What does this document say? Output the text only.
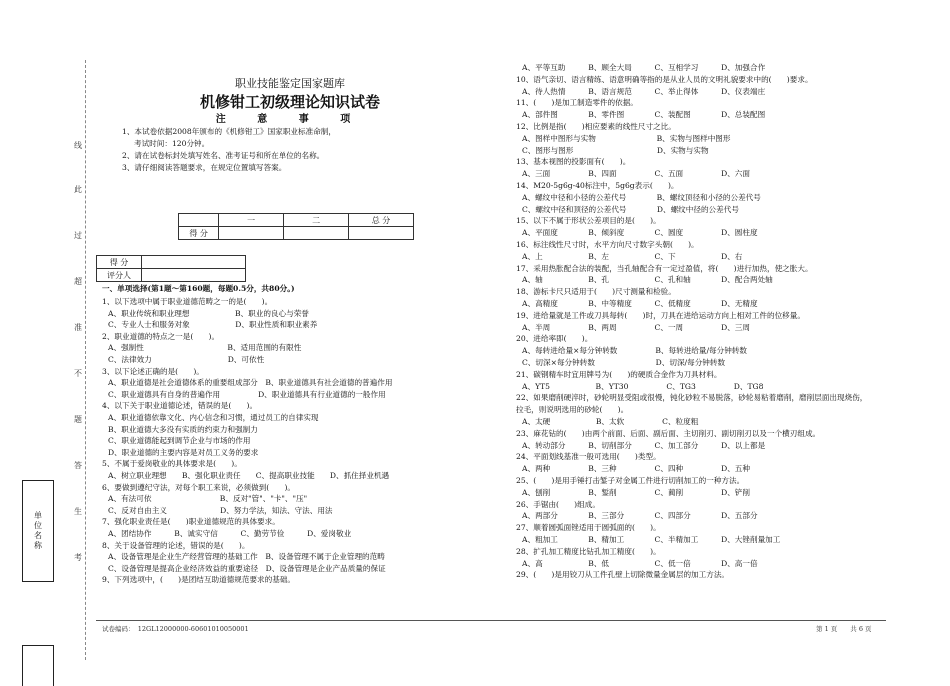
线
此
过
超
准
不
题
答
生
考
单位名称
职业技能鉴定国家题库
机修钳工初级理论知识试卷
注 意 事 项
1、本试卷依据2008年颁布的《机修钳工》国家职业标准命制，
考试时间：120分钟。
2、请在试卷标封处填写姓名、准考证号和所在单位的名称。
3、请仔细阅读答题要求，在规定位置填写答案。
	一	二	总 分
得 分			
得 分	
评分人	
一、单项选择(第1题～第160题，每题0.5分，共80分。)
1、以下选项中属于职业道德范畴之一的是(　　)。
A、职业传统和职业理想　　　　　　B、职业的良心与荣誉
C、专业人士和服务对象　　　　　　D、职业性质和职业素养
2、职业道德的特点之一是(　　)。
A、强制性　　　　　　　　　　　B、适用范围的有限性
C、法律效力　　　　　　　　　　D、可依性
3、以下论述正确的是(　　)。
A、职业道德是社会道德体系的重要组成部分　B、职业道德具有社会道德的普遍作用
C、职业道德具有自身的普遍作用　　　　　D、职业道德具有行业道德的一般作用
4、以下关于职业道德论述，错误的是(　　)。
A、职业道德依靠文化、内心信念和习惯，通过员工的自律实现
B、职业道德大多没有实质的约束力和强制力
C、职业道德能起到调节企业与市场的作用
D、职业道德的主要内容是对员工义务的要求
5、不属于爱岗敬业的具体要求是(　　)。
A、树立职业理想　　B、强化职业责任　　C、提高职业技能　　D、抓住择业机遇
6、要做到遵纪守法，对每个职工来说，必须做到(　　)。
A、有法可依　　　　　　　　　B、反对"管"、"卡"、"压"
C、反对自由主义　　　　　　　D、努力学法，知法、守法、用法
7、强化职业责任是(　　)职业道德规范的具体要求。
A、团结协作　　　B、诚实守信　　　C、勤劳节俭　　　D、爱岗敬业
8、关于设备管理的论述，错误的是(　　)。
A、设备管理是企业生产经营管理的基础工作　B、设备管理不属于企业管理的范畴
C、设备管理是提高企业经济效益的重要途径　D、设备管理是企业产品质量的保证
9、下列选项中，(　　)是团结互助道德规范要求的基础。
A、平等互助　　　B、顾全大局　　　C、互相学习　　　D、加强合作
10、语气亲切、语言精练、语意明确等指的是从业人员的文明礼貌要求中的(　　)要求。
A、待人热情　　　B、语言规范　　　C、举止得体　　　D、仪表端庄
11、(　　)是加工制造零件的依据。
A、部件图　　　　B、零件图　　　　C、装配图　　　　D、总装配图
12、比例是指(　　)相应要素的线性尺寸之比。
A、图样中图形与实物　　　　　　　　B、实物与图样中图形
C、图形与图形　　　　　　　　　　　D、实物与实物
13、基本视图的投影面有(　　)。
A、三面　　　　　B、四面　　　　　C、五面　　　　　D、六面
14、M20-5g6g-40标注中，5g6g表示(　　)。
A、螺纹中径和小径的公差代号　　　　B、螺纹顶径和小径的公差代号
C、螺纹中径和顶径的公差代号　　　　D、螺纹中径的公差代号
15、以下不属于形状公差项目的是(　　)。
A、平面度　　　　B、倾斜度　　　　C、圆度　　　　　D、圆柱度
16、标注线性尺寸时，水平方向尺寸数字头朝(　　)。
A、上　　　　　　B、左　　　　　　C、下　　　　　　D、右
17、采用热胀配合法的装配，当孔轴配合有一定过盈值，将(　　)进行加热，使之胀大。
A、轴　　　　　　B、孔　　　　　　C、孔和轴　　　　D、配合两处轴
18、游标卡尺只适用于(　　)尺寸测量和检验。
A、高精度　　　　B、中等精度　　　C、低精度　　　　D、无精度
19、进给量就是工件或刀具每转(　　)时，刀具在进给运动方向上相对工件的位移量。
A、半周　　　　　B、两周　　　　　C、一周　　　　　D、三周
20、进给率即(　　)。
A、每转进给量×每分钟转数　　　　　B、每转进给量/每分钟转数
C、切深×每分钟转数　　　　　　　　D、切深/每分钟转数
21、碳钢精车时宜用牌号为(　　)的硬质合金作为刀具材料。
A、YT5　　　　　　B、YT30　　　　　C、TG3　　　　　D、TG8
22、如果磨削硬淬时，砂轮明显受阻或很慢，钝化砂粒不易脱落，砂轮易粘着磨削，磨削层面出现烧伤，
拉毛，则说明选用的砂轮(　　)。
A、太硬　　　　　　B、太软　　　　　C、粒度粗
23、麻花钻的(　　)由两个前面、后面、副后面、主切削刃、副切削刃以及一个横刃组成。
A、转动部分　　　B、切削部分　　　C、加工部分　　　D、以上都是
24、平面划线基准一般可选用(　　)类型。
A、两种　　　　　B、三种　　　　　C、四种　　　　　D、五种
25、(　　)是用手锤打击錾子对金属工件进行切削加工的一种方法。
A、刨削　　　　　B、錾削　　　　　C、蔺削　　　　　D、铲削
26、手锯由(　　)组成。
A、两部分　　　　B、三部分　　　　C、四部分　　　　D、五部分
27、顺着圆弧面锉适用于圆弧面的(　　)。
A、粗加工　　　　B、精加工　　　　C、半精加工　　　D、大锉削量加工
28、扩孔加工精度比钻孔加工精度(　　)。
A、高　　　　　　B、低　　　　　　C、低一倍　　　　D、高一倍
29、(　　)是用铰刀从工件孔壁上切除微量金属层的加工方法。
试卷编码：　12GL12000000-60601010050001	第 1 页　　共 6 页
